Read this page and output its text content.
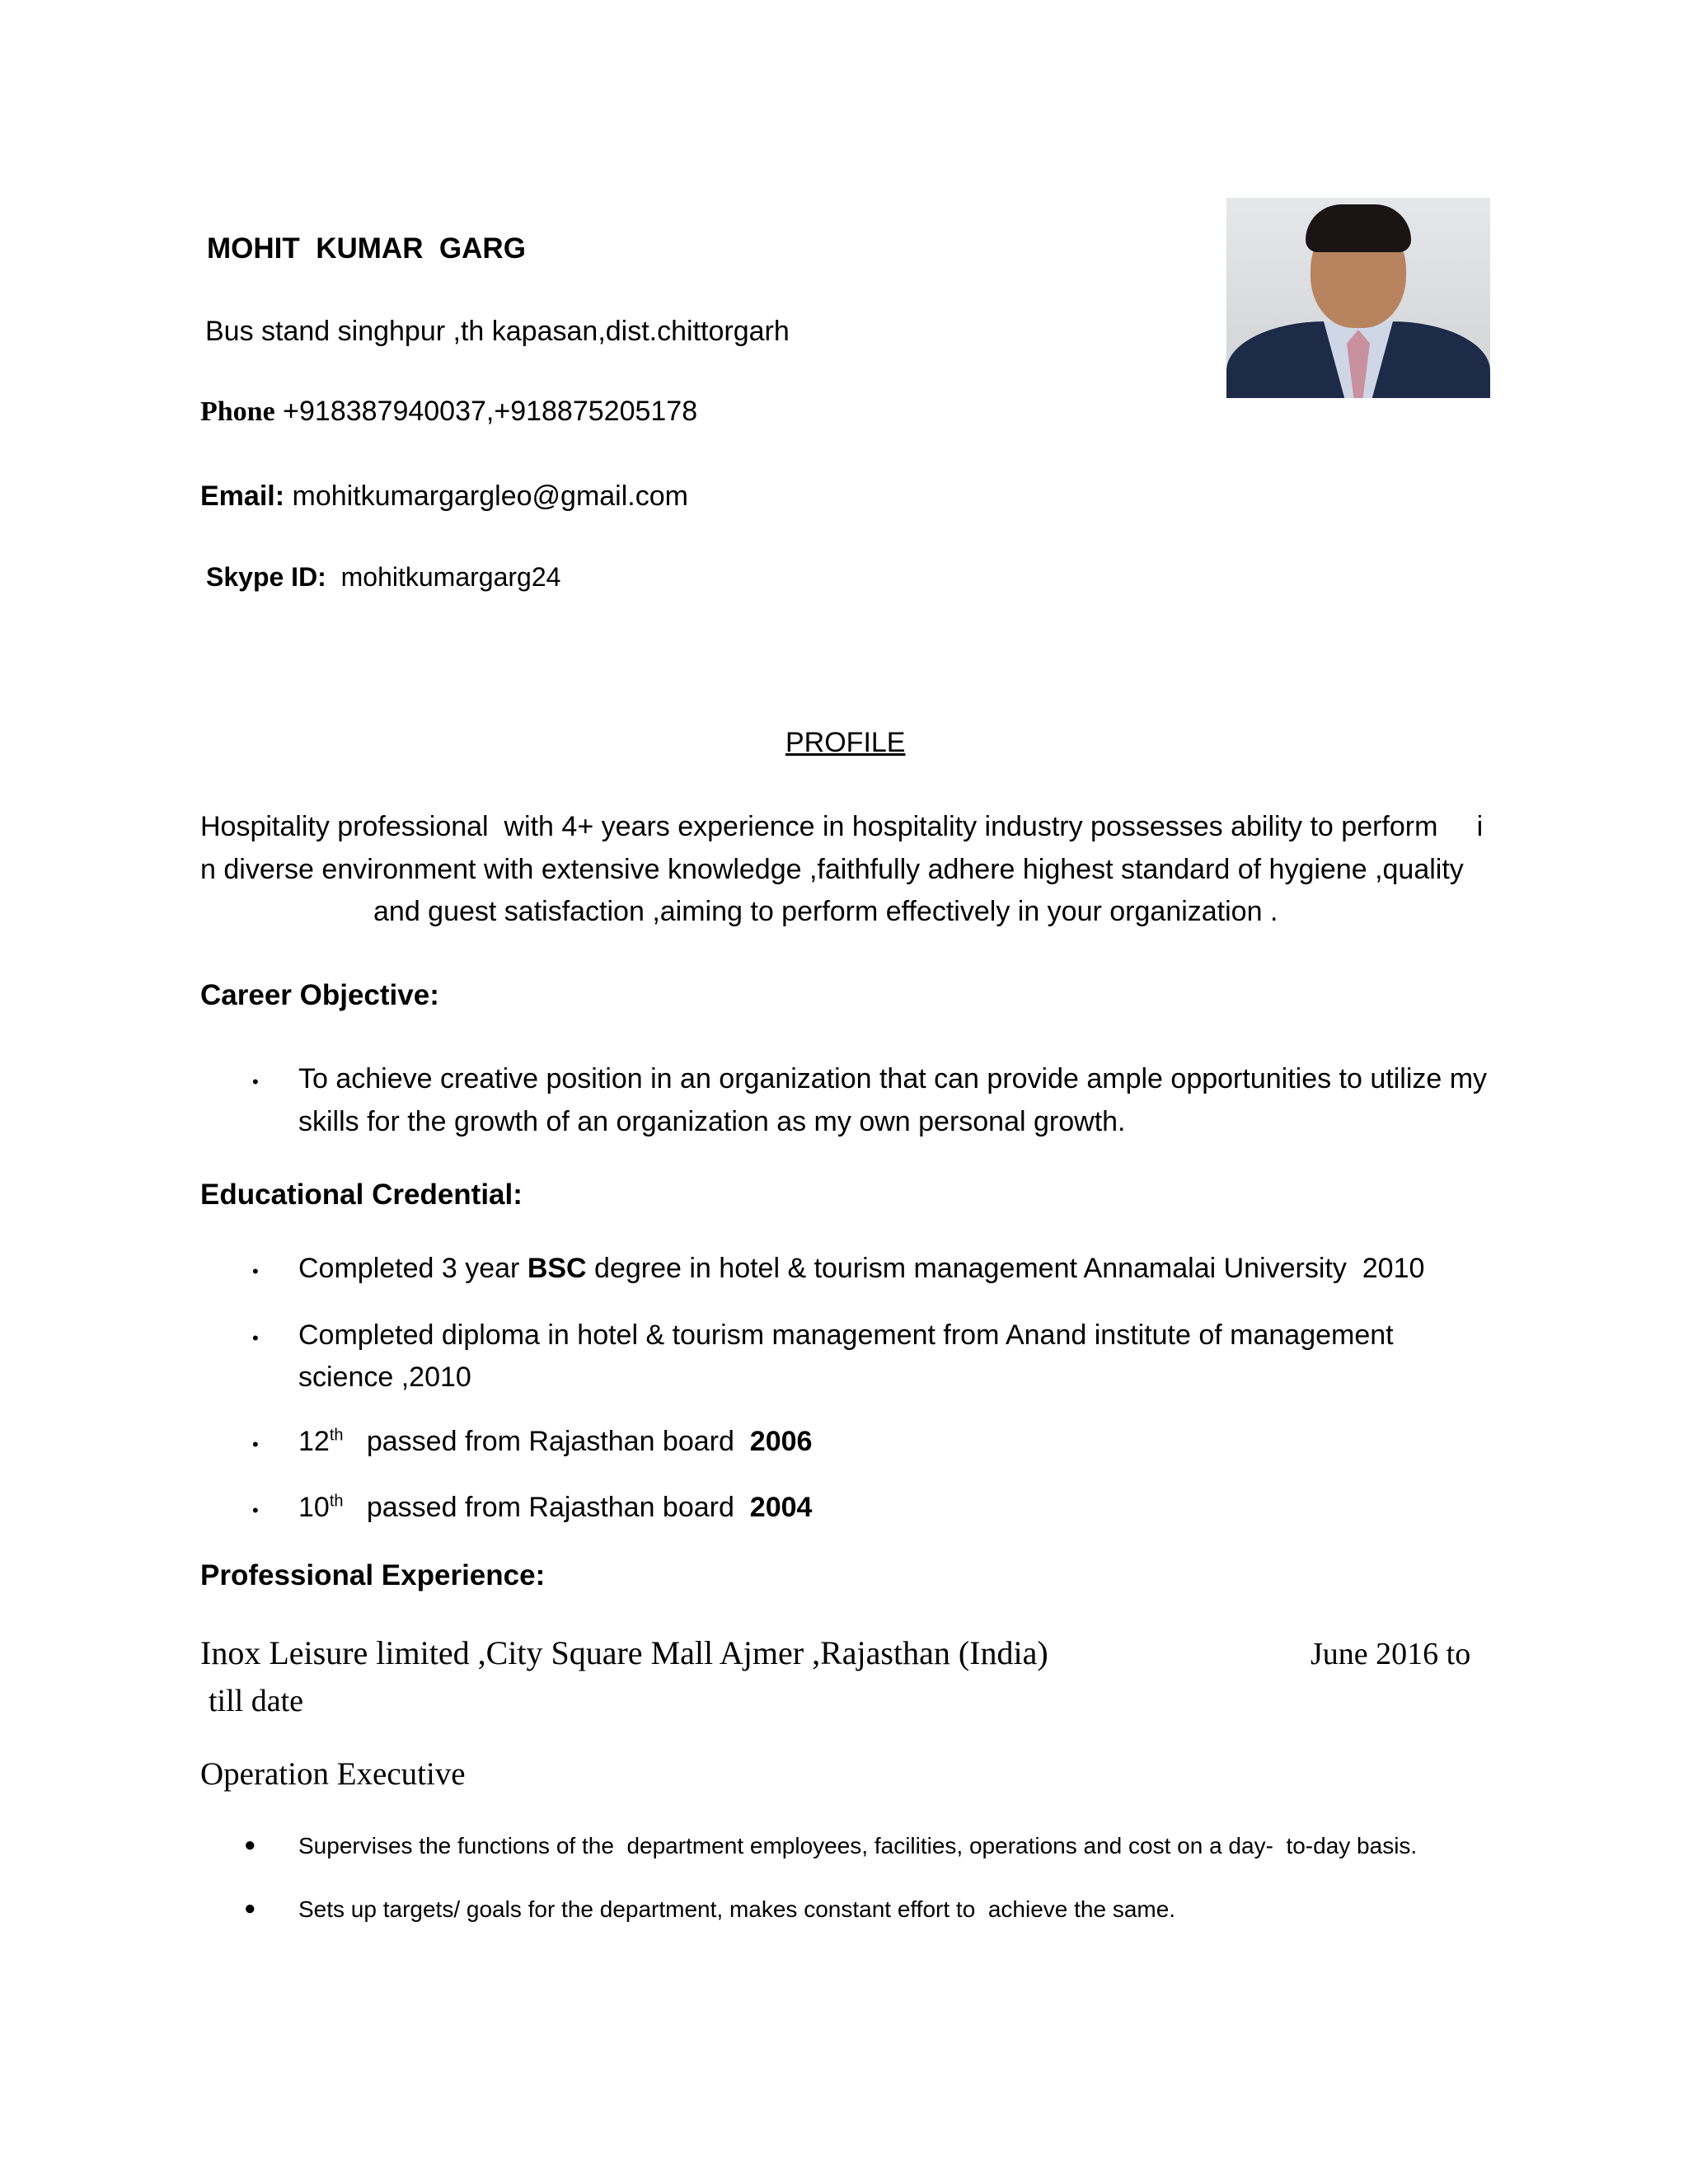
MOHIT  KUMAR  GARG
Bus stand singhpur ,th kapasan,dist.chittorgarh
Phone +918387940037,+918875205178
Email: mohitkumargargleo@gmail.com
Skype ID: mohitkumargarg24
PROFILE
Hospitality professional  with 4+ years experience in hospitality industry possesses ability to perform     i
n diverse environment with extensive knowledge ,faithfully adhere highest standard of hygiene ,quality
and guest satisfaction ,aiming to perform effectively in your organization .
Career Objective:
• To achieve creative position in an organization that can provide ample opportunities to utilize my
skills for the growth of an organization as my own personal growth.
Educational Credential:
• Completed 3 year BSC degree in hotel & tourism management Annamalai University  2010
• Completed diploma in hotel & tourism management from Anand institute of management
science ,2010
• 12th   passed from Rajasthan board  2006
• 10th   passed from Rajasthan board  2004
Professional Experience:
Inox Leisure limited ,City Square Mall Ajmer ,Rajasthan (India)	June 2016 to
till date
Operation Executive
● Supervises the functions of the  department employees, facilities, operations and cost on a day-  to-day basis.
● Sets up targets/ goals for the department, makes constant effort to  achieve the same.
